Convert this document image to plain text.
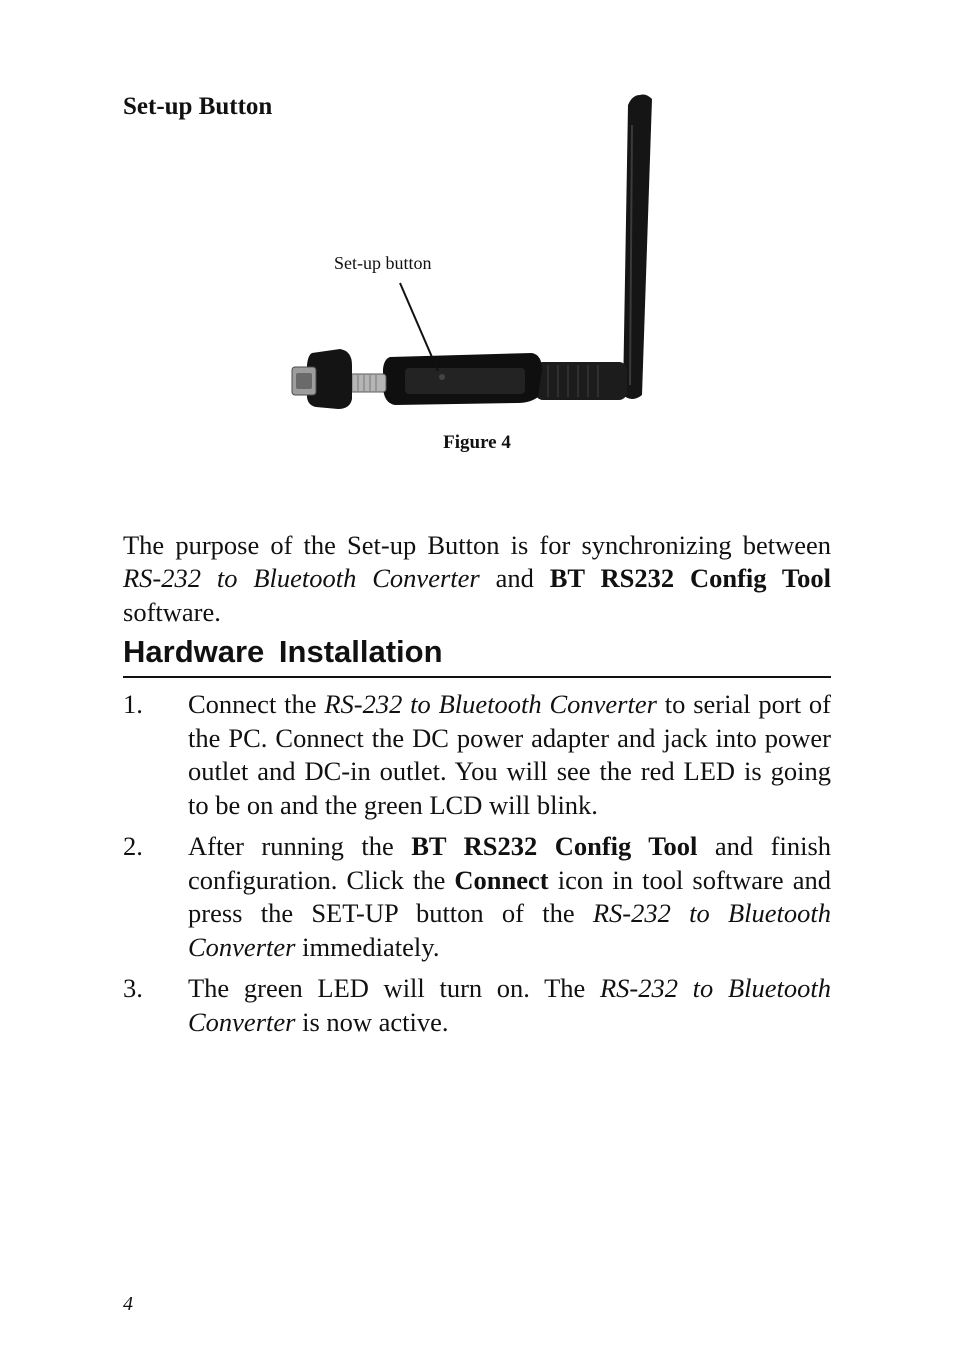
Set-up Button
Set-up button
Figure 4

The purpose of the Set-up Button is for synchronizing between RS-232 to Bluetooth Converter and BT RS232 Config Tool software.

Hardware Installation
1. Connect the RS-232 to Bluetooth Converter to serial port of the PC. Connect the DC power adapter and jack into power outlet and DC-in outlet. You will see the red LED is going to be on and the green LCD will blink.
2. After running the BT RS232 Config Tool and finish configuration. Click the Connect icon in tool software and press the SET-UP button of the RS-232 to Bluetooth Converter immediately.
3. The green LED will turn on. The RS-232 to Bluetooth Converter is now active.
4
